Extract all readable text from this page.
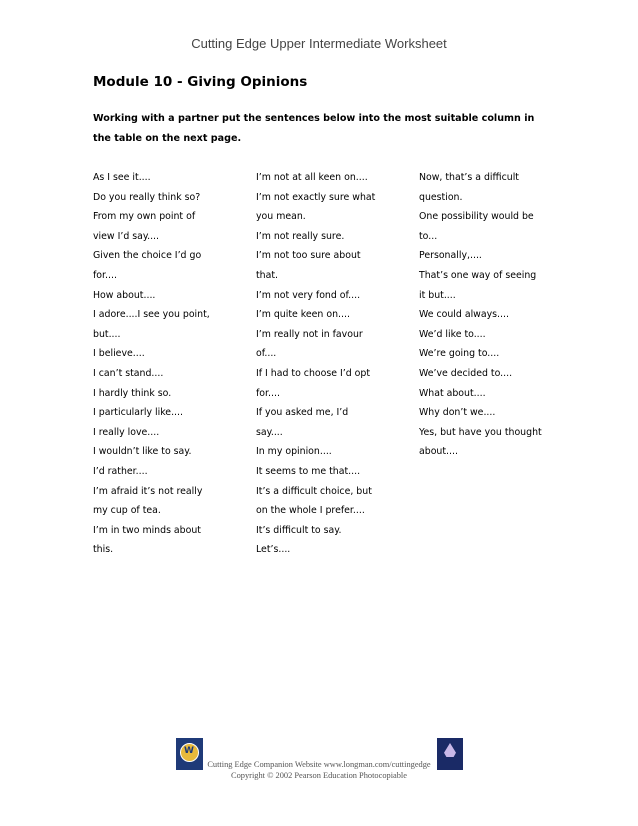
Cutting Edge Upper Intermediate Worksheet
Module 10 - Giving Opinions
Working with a partner put the sentences below into the most suitable column in the table on the next page.
As I see it....
Do you really think so?
From my own point of
view I’d say....
Given the choice I’d go
for....
How about....
I adore....I see you point,
but....
I believe....
I can’t stand....
I hardly think so.
I particularly like....
I really love....
I wouldn’t like to say.
I’d rather....
I’m afraid it’s not really
my cup of tea.
I’m in two minds about
this.
I’m not at all keen on....
I’m not exactly sure what
you mean.
I’m not really sure.
I’m not too sure about
that.
I’m not very fond of....
I’m quite keen on....
I’m really not in favour
of....
If I had to choose I’d opt
for....
If you asked me, I’d
say....
In my opinion....
It seems to me that....
It’s a difficult choice, but
on the whole I prefer....
It’s difficult to say.
Let’s....
Now, that’s a difficult
question.
One possibility would be
to...
Personally,....
That’s one way of seeing
it but....
We could always....
We’d like to....
We’re going to....
We’ve decided to....
What about....
Why don’t we....
Yes, but have you thought
about....
W
Cutting Edge Companion Website www.longman.com/cuttingedge
Copyright © 2002 Pearson Education Photocopiable
